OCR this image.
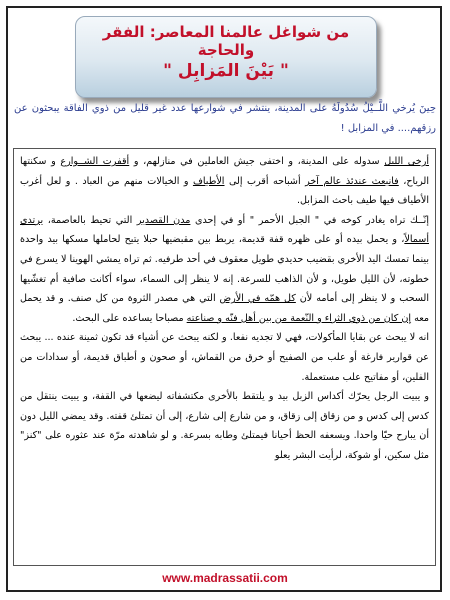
من شواغل عالمنا المعاصر: الفقر والحاجة
" بَيْنَ المَزابِل "
حِينَ يُرخي اللَّــيْلُ سُدُولَهُ على المدينة، ينتشر في شوارعها عدد غير قليل من ذوي الفاقة يبحثون عن رزقهم.... في المزابل !

أرخى الليل سدوله على المدينة، و اختفى جيش العاملين في منازلهم، و أقفرت الشــوارع و سكنتها الرياح، فانبعث عندئذ عالم آخر أشباحه أقرب إلى الأطياف و الخيالات منهم من العباد . و لعل أغرب الأطياف فيها طيف باحث المزابل.

إنّــك تراه يغادر كوخه في " الجبل الأحمر " أو في إحدى مدن القصدير التي تحيط بالعاصمة، يرتدي أسمالاً، و يحمل بيده أو على ظهره قفة قديمة، يربط بين مقبضيها حبلا يتيح لحاملها مسكها بيد واحدة بينما تمسك اليد الأخرى بقضيب حديدي طويل معقوف في أحد طرفيه. ثم تراه يمشي الهوينا لا يسرع في خطوته، لأن الليل طويل، و لأن الذاهب للسرعة. إنه لا ينظر إلى السماء، سواء أكانت صافية أم تغشّيها السحب و لا ينظر إلى أمامه لأن كل همّه في الأرض التي هي مصدر الثروة من كل صنف. و قد يحمل معه إن كان من ذوي الثراء و النّعمة من بين أهل فنّه و صناعته مصباحا يساعده على البحث.

انه لا يبحث عن بقايا المأكولات، فهي لا تجديه نفعا. و لكنه يبحث عن أشياء قد تكون ثمينة عنده ... يبحث عن قوارير فارغة أو علب من الصفيح أو خرق من القماش، أو صحون و أطباق قديمة، أو سدادات من الفلين، أو مفاتيح علب مستعملة.

و يبيت الرجل يحرّك أكداس الزبل بيد و يلتقط بالأخرى مكتشفاته ليضعها في القفة، و يبيت ينتقل من كدس إلى كدس و من زقاق إلى زقاق، و من شارع إلى شارع، إلى أن تمتلئ قفته. وقد يمضي الليل دون أن يبارح حيّا واحدا. ويسعفه الحظ أحيانا فيمتلئ وطابه بسرعة. و لو شاهدته مرّة عند عثوره على "كنز" مثل سكين، أو شوكة، لرأيت البشر يعلو

www.madrassatii.com
